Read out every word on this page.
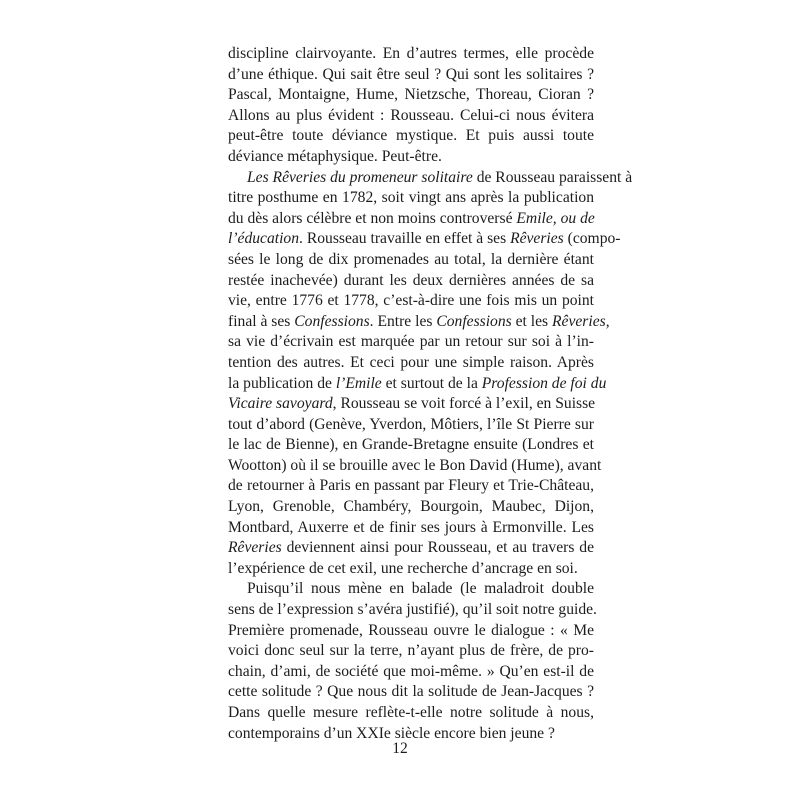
discipline clairvoyante. En d’autres termes, elle procède
d’une éthique. Qui sait être seul ? Qui sont les solitaires ?
Pascal, Montaigne, Hume, Nietzsche, Thoreau, Cioran ?
Allons au plus évident : Rousseau. Celui-ci nous évitera
peut-être toute déviance mystique. Et puis aussi toute
déviance métaphysique. Peut-être.

Les Rêveries du promeneur solitaire de Rousseau paraissent à
titre posthume en 1782, soit vingt ans après la publication
du dès alors célèbre et non moins controversé Emile, ou de
l’éducation. Rousseau travaille en effet à ses Rêveries (compo-
sées le long de dix promenades au total, la dernière étant
restée inachevée) durant les deux dernières années de sa
vie, entre 1776 et 1778, c’est-à-dire une fois mis un point
final à ses Confessions. Entre les Confessions et les Rêveries,
sa vie d’écrivain est marquée par un retour sur soi à l’in-
tention des autres. Et ceci pour une simple raison. Après
la publication de l’Emile et surtout de la Profession de foi du
Vicaire savoyard, Rousseau se voit forcé à l’exil, en Suisse
tout d’abord (Genève, Yverdon, Môtiers, l’île St Pierre sur
le lac de Bienne), en Grande-Bretagne ensuite (Londres et
Wootton) où il se brouille avec le Bon David (Hume), avant
de retourner à Paris en passant par Fleury et Trie-Château,
Lyon, Grenoble, Chambéry, Bourgoin, Maubec, Dijon,
Montbard, Auxerre et de finir ses jours à Ermonville. Les
Rêveries deviennent ainsi pour Rousseau, et au travers de
l’expérience de cet exil, une recherche d’ancrage en soi.

Puisqu’il nous mène en balade (le maladroit double
sens de l’expression s’avéra justifié), qu’il soit notre guide.
Première promenade, Rousseau ouvre le dialogue : « Me
voici donc seul sur la terre, n’ayant plus de frère, de pro-
chain, d’ami, de société que moi-même. » Qu’en est-il de
cette solitude ? Que nous dit la solitude de Jean-Jacques ?
Dans quelle mesure reflète-t-elle notre solitude à nous,
contemporains d’un XXIe siècle encore bien jeune ?

12
